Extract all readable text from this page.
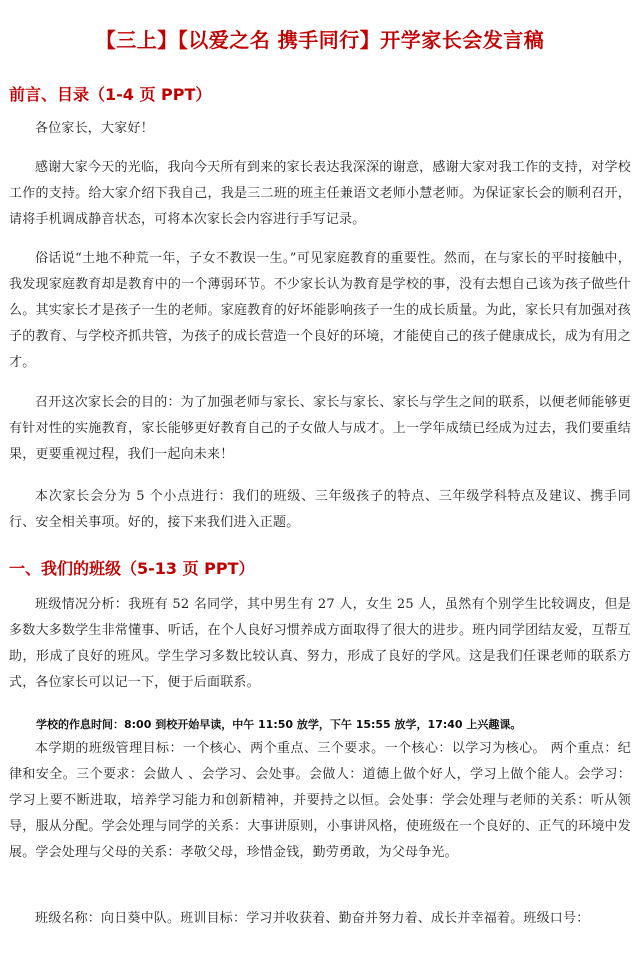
【三上】【以爱之名 携手同行】开学家长会发言稿
前言、目录（1-4 页 PPT）

各位家长，大家好！

感谢大家今天的光临，我向今天所有到来的家长表达我深深的谢意，感谢大家对我工作的支持，对学校工作的支持。给大家介绍下我自己，我是三二班的班主任兼语文老师小慧老师。为保证家长会的顺利召开，请将手机调成静音状态，可将本次家长会内容进行手写记录。

俗话说“土地不种荒一年，子女不教误一生。”可见家庭教育的重要性。然而，在与家长的平时接触中，我发现家庭教育却是教育中的一个薄弱环节。不少家长认为教育是学校的事，没有去想自己该为孩子做些什么。其实家长才是孩子一生的老师。家庭教育的好坏能影响孩子一生的成长质量。为此，家长只有加强对孩子的教育、与学校齐抓共管，为孩子的成长营造一个良好的环境，才能使自己的孩子健康成长，成为有用之才。

召开这次家长会的目的：为了加强老师与家长、家长与家长、家长与学生之间的联系，以便老师能够更有针对性的实施教育，家长能够更好教育自己的子女做人与成才。上一学年成绩已经成为过去，我们要重结果，更要重视过程，我们一起向未来！

本次家长会分为 5 个小点进行：我们的班级、三年级孩子的特点、三年级学科特点及建议、携手同行、安全相关事项。好的，接下来我们进入正题。

一、我们的班级（5-13 页 PPT）

班级情况分析：我班有 52 名同学，其中男生有 27 人，女生 25 人，虽然有个别学生比较调皮，但是多数大多数学生非常懂事、听话，在个人良好习惯养成方面取得了很大的进步。班内同学团结友爱，互帮互助，形成了良好的班风。学生学习多数比较认真、努力，形成了良好的学风。这是我们任课老师的联系方式，各位家长可以记一下，便于后面联系。

学校的作息时间：8:00 到校开始早读，中午 11:50 放学，下午 15:55 放学，17:40 上兴趣课。

本学期的班级管理目标：一个核心、两个重点、三个要求。一个核心：以学习为核心。 两个重点：纪律和安全。三个要求：会做人 、会学习、会处事。会做人：道德上做个好人，学习上做个能人。会学习：学习上要不断进取，培养学习能力和创新精神，并要持之以恒。会处事：学会处理与老师的关系：听从领导，服从分配。学会处理与同学的关系：大事讲原则，小事讲风格，使班级在一个良好的、正气的环境中发展。学会处理与父母的关系：孝敬父母，珍惜金钱，勤劳勇敢，为父母争光。

班级名称：向日葵中队。班训目标：学习并收获着、勤奋并努力着、成长并幸福着。班级口号：
